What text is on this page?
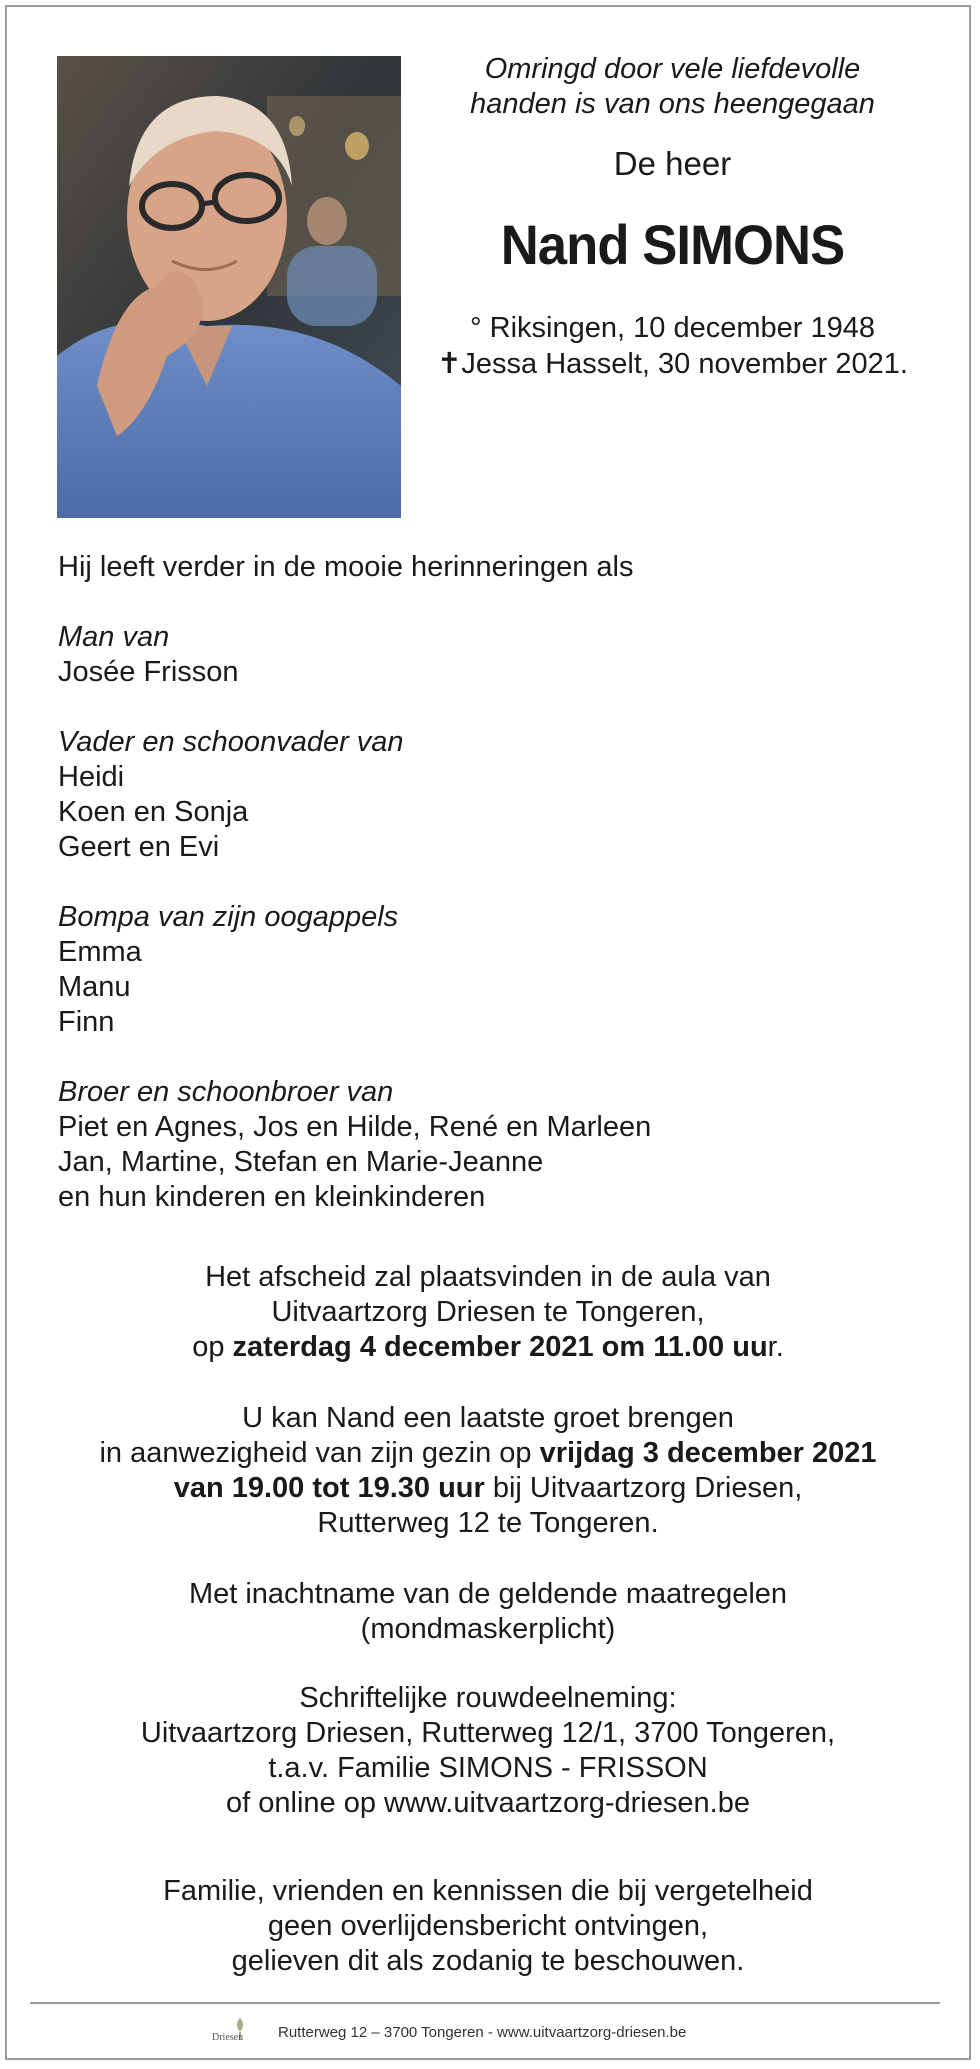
Omringd door vele liefdevolle

handen is van ons heengegaan

De heer
Nand SIMONS
° Riksingen, 10 december 1948
✝Jessa Hasselt, 30 november 2021.

Hij leeft verder in de mooie herinneringen als

Man van

Josée Frisson

Vader en schoonvader van

Heidi

Koen en Sonja

Geert en Evi

Bompa van zijn oogappels

Emma

Manu

Finn

Broer en schoonbroer van

Piet en Agnes, Jos en Hilde, René en Marleen

Jan, Martine, Stefan en Marie-Jeanne

en hun kinderen en kleinkinderen

Het afscheid zal plaatsvinden in de aula van

Uitvaartzorg Driesen te Tongeren,

op zaterdag 4 december 2021 om 11.00 uur.

U kan Nand een laatste groet brengen

in aanwezigheid van zijn gezin op vrijdag 3 december 2021

van 19.00 tot 19.30 uur bij Uitvaartzorg Driesen,

Rutterweg 12 te Tongeren.

Met inachtname van de geldende maatregelen

(mondmaskerplicht)

Schriftelijke rouwdeelneming:

Uitvaartzorg Driesen, Rutterweg 12/1, 3700 Tongeren,

t.a.v. Familie SIMONS - FRISSON

of online op www.uitvaartzorg-driesen.be

Familie, vrienden en kennissen die bij vergetelheid

geen overlijdensbericht ontvingen,

gelieven dit als zodanig te beschouwen.

Driesen Rutterweg 12 – 3700 Tongeren - www.uitvaartzorg-driesen.be
